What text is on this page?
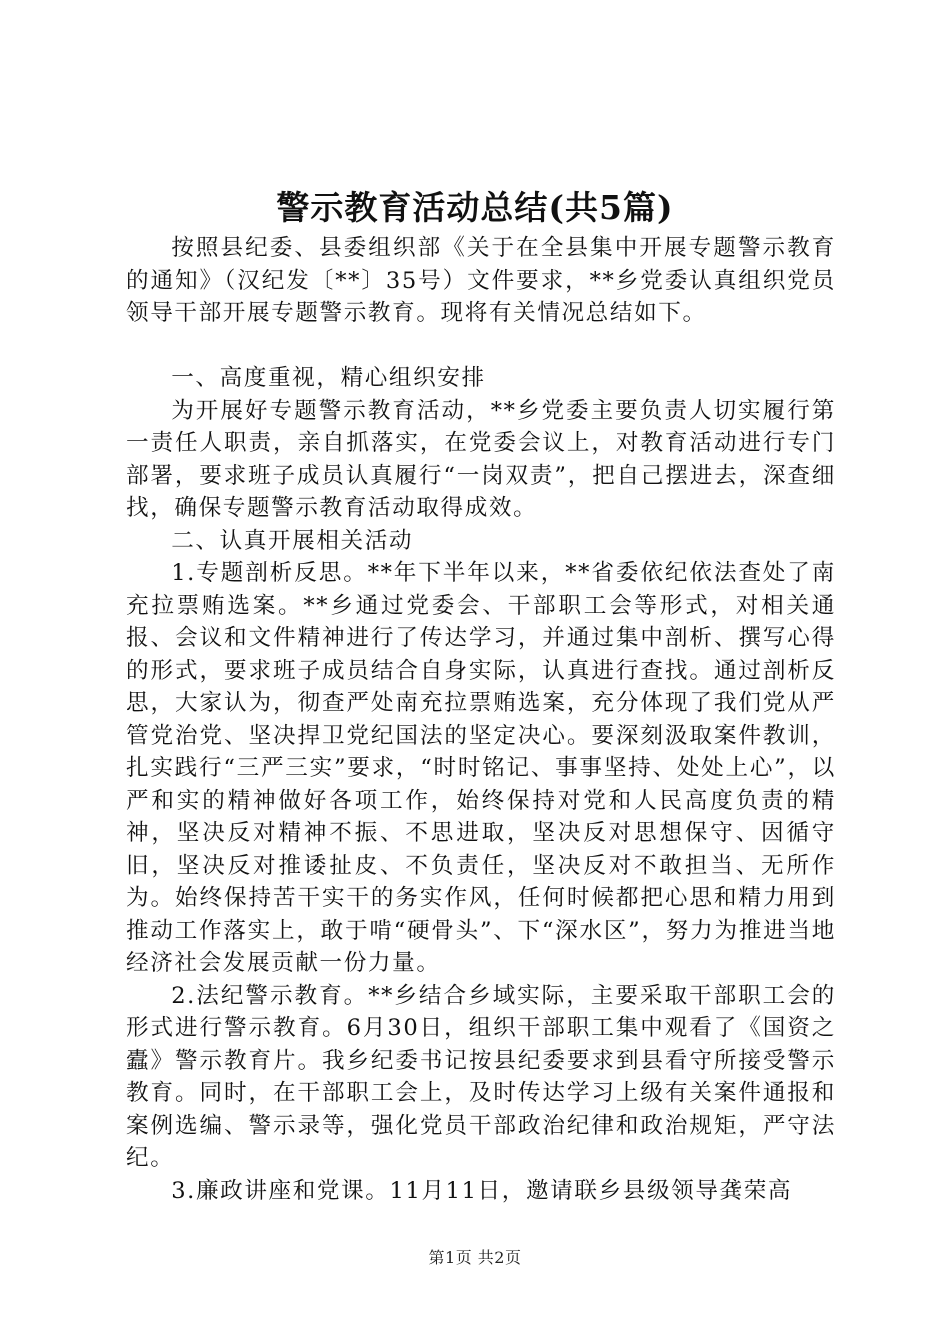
警示教育活动总结(共5篇)

按照县纪委、县委组织部《关于在全县集中开展专题警示教育的通知》（汉纪发〔**〕35号）文件要求，**乡党委认真组织党员领导干部开展专题警示教育。现将有关情况总结如下。

一、高度重视，精心组织安排

为开展好专题警示教育活动，**乡党委主要负责人切实履行第一责任人职责，亲自抓落实，在党委会议上，对教育活动进行专门部署，要求班子成员认真履行“一岗双责”，把自己摆进去，深查细找，确保专题警示教育活动取得成效。

二、认真开展相关活动

1.专题剖析反思。**年下半年以来，**省委依纪依法查处了南充拉票贿选案。**乡通过党委会、干部职工会等形式，对相关通报、会议和文件精神进行了传达学习，并通过集中剖析、撰写心得的形式，要求班子成员结合自身实际，认真进行查找。通过剖析反思，大家认为，彻查严处南充拉票贿选案，充分体现了我们党从严管党治党、坚决捍卫党纪国法的坚定决心。要深刻汲取案件教训，扎实践行“三严三实”要求，“时时铭记、事事坚持、处处上心”，以严和实的精神做好各项工作，始终保持对党和人民高度负责的精神，坚决反对精神不振、不思进取，坚决反对思想保守、因循守旧，坚决反对推诿扯皮、不负责任，坚决反对不敢担当、无所作为。始终保持苦干实干的务实作风，任何时候都把心思和精力用到推动工作落实上，敢于啃“硬骨头”、下“深水区”，努力为推进当地经济社会发展贡献一份力量。

2.法纪警示教育。**乡结合乡域实际，主要采取干部职工会的形式进行警示教育。6月30日，组织干部职工集中观看了《国资之蠹》警示教育片。我乡纪委书记按县纪委要求到县看守所接受警示教育。同时，在干部职工会上，及时传达学习上级有关案件通报和案例选编、警示录等，强化党员干部政治纪律和政治规矩，严守法纪。

3.廉政讲座和党课。11月11日，邀请联乡县级领导龚荣高

第1页 共2页
